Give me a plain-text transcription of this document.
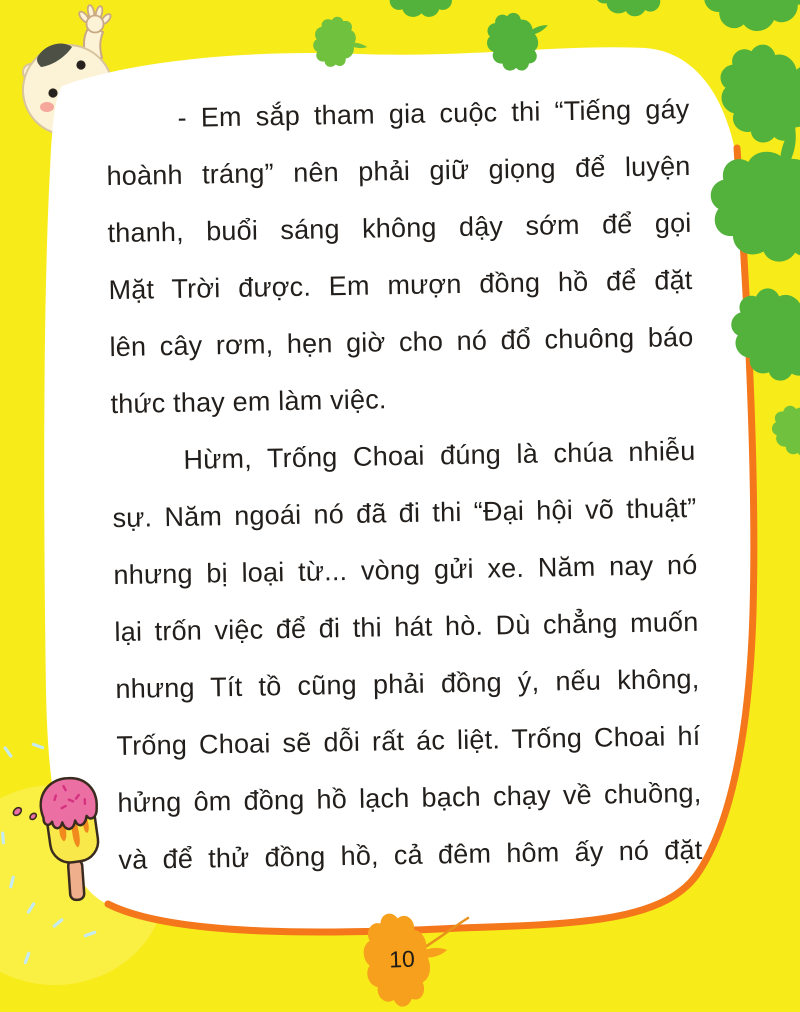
- Em sắp tham gia cuộc thi “Tiếng gáy
hoành tráng” nên phải giữ giọng để luyện
thanh, buổi sáng không dậy sớm để gọi
Mặt Trời được. Em mượn đồng hồ để đặt
lên cây rơm, hẹn giờ cho nó đổ chuông báo
thức thay em làm việc.
Hừm, Trống Choai đúng là chúa nhiễu
sự. Năm ngoái nó đã đi thi “Đại hội võ thuật”
nhưng bị loại từ... vòng gửi xe. Năm nay nó
lại trốn việc để đi thi hát hò. Dù chẳng muốn
nhưng Tít tồ cũng phải đồng ý, nếu không,
Trống Choai sẽ dỗi rất ác liệt. Trống Choai hí
hửng ôm đồng hồ lạch bạch chạy về chuồng,
và để thử đồng hồ, cả đêm hôm ấy nó đặt
10
